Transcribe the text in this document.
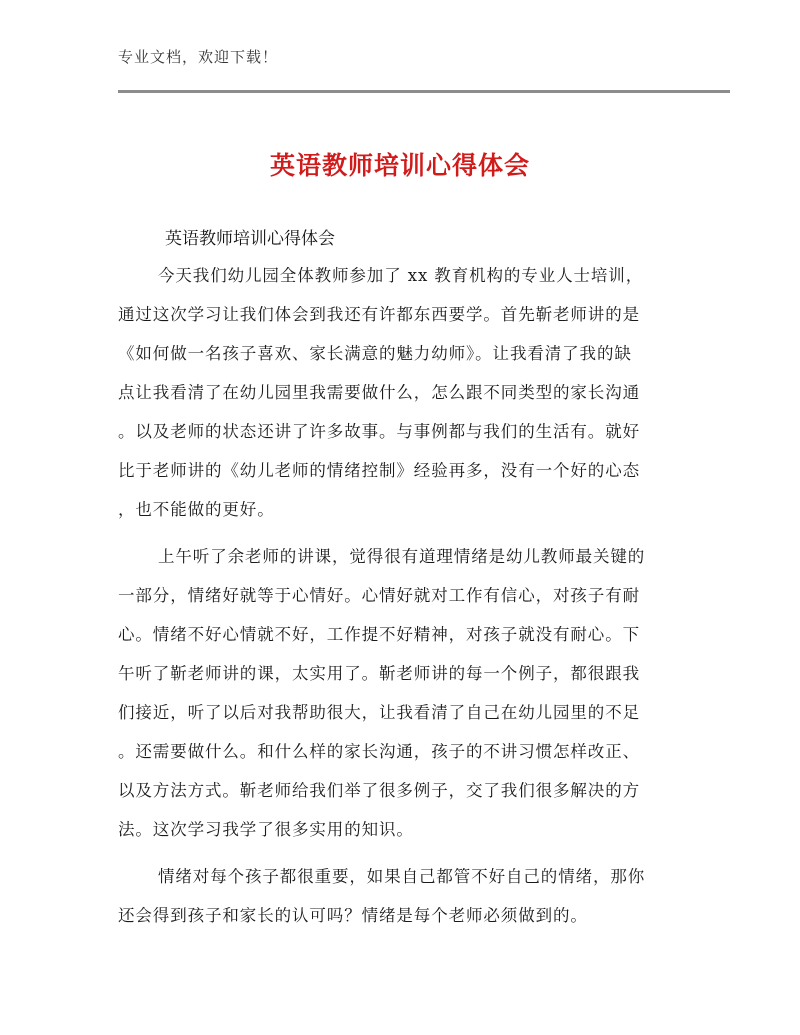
专业文档，欢迎下载！
英语教师培训心得体会
英语教师培训心得体会
今天我们幼儿园全体教师参加了 xx 教育机构的专业人士培训，
通过这次学习让我们体会到我还有许都东西要学。首先靳老师讲的是
《如何做一名孩子喜欢、家长满意的魅力幼师》。让我看清了我的缺
点让我看清了在幼儿园里我需要做什么，怎么跟不同类型的家长沟通
。以及老师的状态还讲了许多故事。与事例都与我们的生活有。就好
比于老师讲的《幼儿老师的情绪控制》经验再多，没有一个好的心态
，也不能做的更好。
上午听了余老师的讲课，觉得很有道理情绪是幼儿教师最关键的
一部分，情绪好就等于心情好。心情好就对工作有信心，对孩子有耐
心。情绪不好心情就不好，工作提不好精神，对孩子就没有耐心。下
午听了靳老师讲的课，太实用了。靳老师讲的每一个例子，都很跟我
们接近，听了以后对我帮助很大，让我看清了自己在幼儿园里的不足
。还需要做什么。和什么样的家长沟通，孩子的不讲习惯怎样改正、
以及方法方式。靳老师给我们举了很多例子，交了我们很多解决的方
法。这次学习我学了很多实用的知识。
情绪对每个孩子都很重要，如果自己都管不好自己的情绪，那你
还会得到孩子和家长的认可吗？情绪是每个老师必须做到的。
